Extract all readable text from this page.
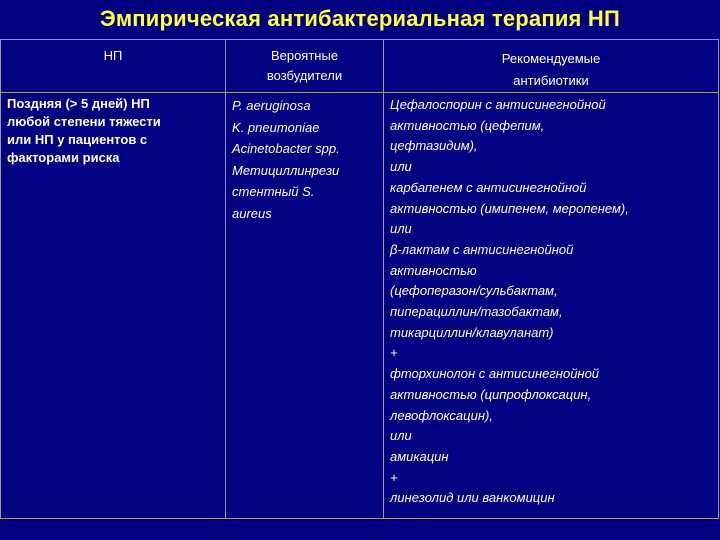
Эмпирическая антибактериальная терапия НП
НП	Вероятные
возбудители
Рекомендуемые
антибиотики
Поздняя (> 5 дней) НП
любой степени тяжести
или НП у пациентов с
факторами риска
P. aeruginosa
K. pneumoniae
Acinetobacter spp.
Метициллинрези
стентный S.
aureus
Цефалоспорин с антисинегнойной
активностью (цефепим,
цефтазидим),
или
карбапенем с антисинегнойной
активностью (имипенем, меропенем),
или
β-лактам с антисинегнойной
активностью
(цефоперазон/сульбактам,
пиперациллин/тазобактам,
тикарциллин/клавуланат)
+
фторхинолон с антисинегнойной
активностью (ципрофлоксацин,
левофлоксацин),
или
амикацин
+
линезолид или ванкомицин
